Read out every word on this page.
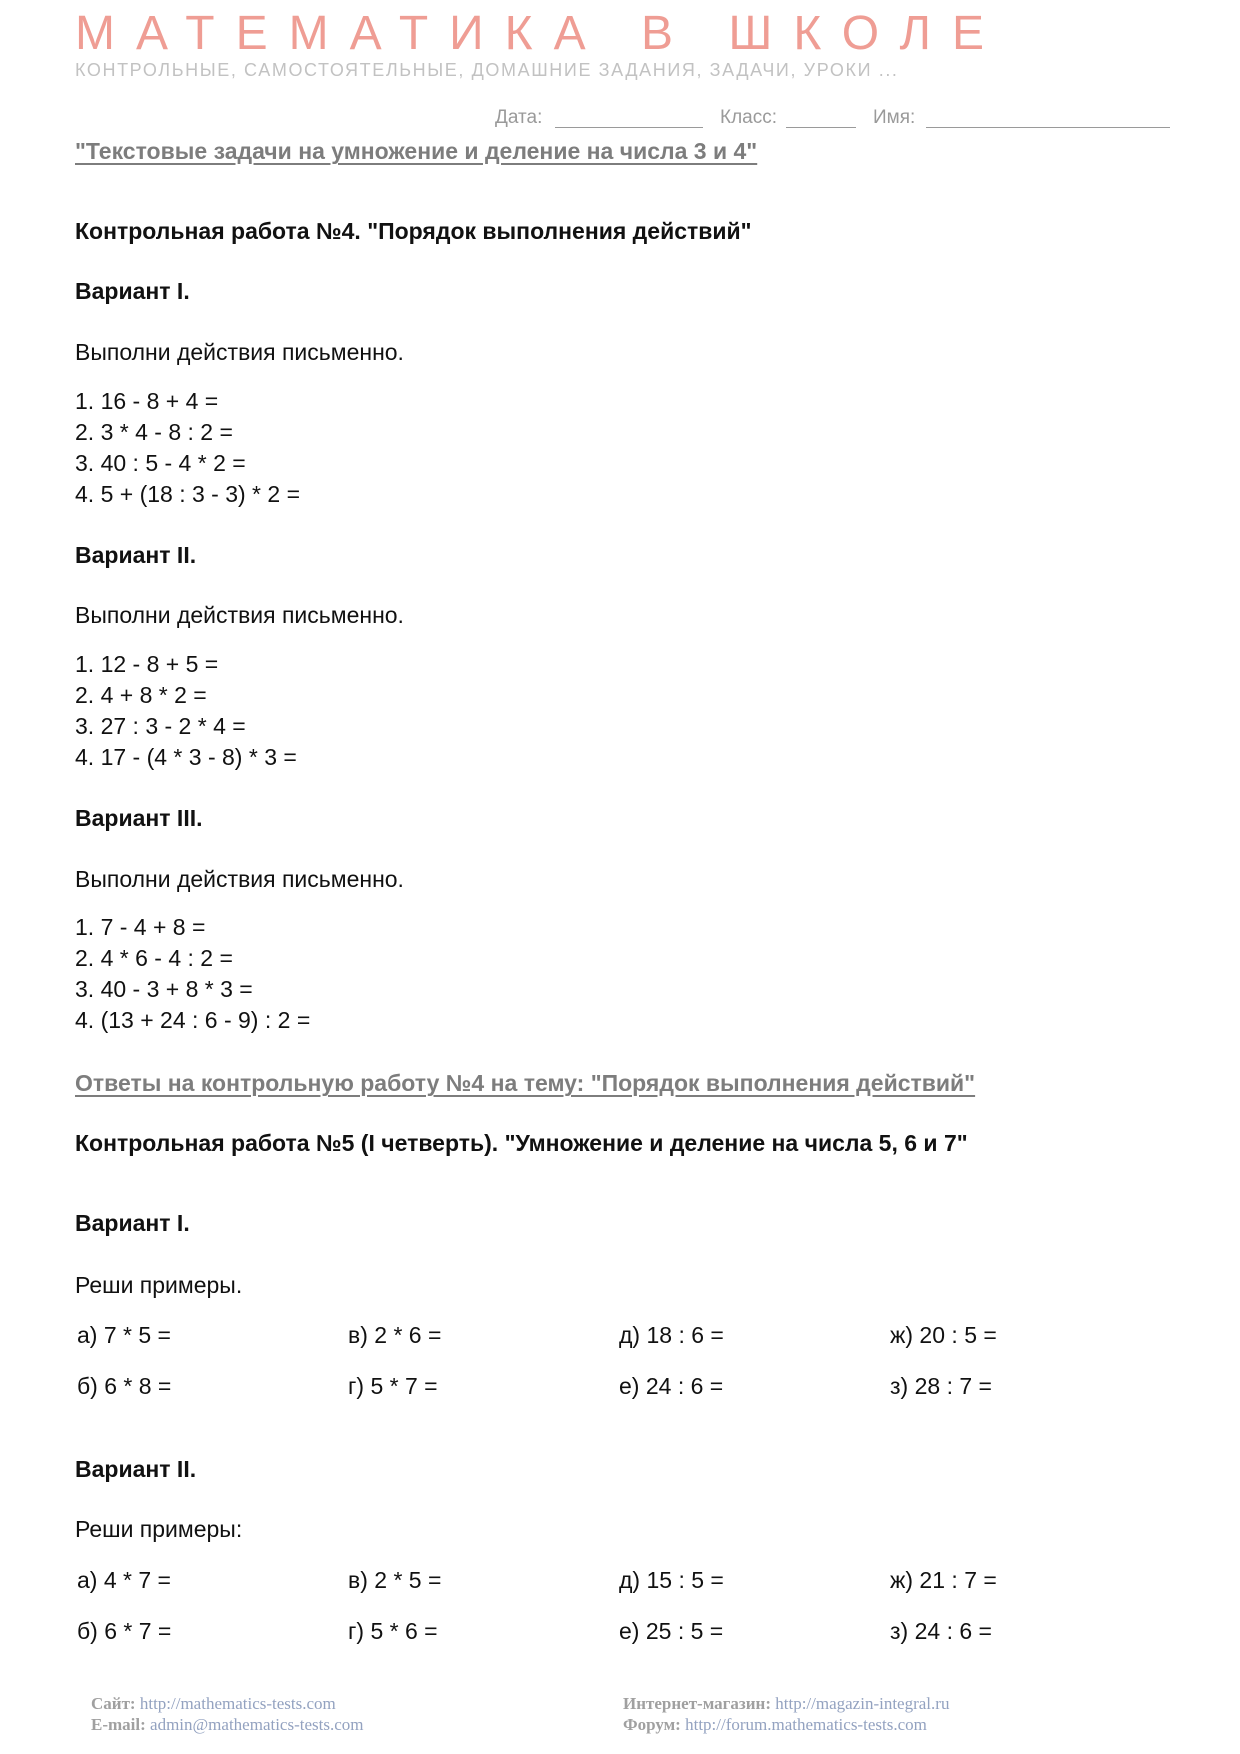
МАТЕМАТИКА В ШКОЛЕ
КОНТРОЛЬНЫЕ, САМОСТОЯТЕЛЬНЫЕ, ДОМАШНИЕ ЗАДАНИЯ, ЗАДАЧИ, УРОКИ ...
Дата:	Класс:	Имя:
"Текстовые задачи на умножение и деление на числа 3 и 4"
Контрольная работа №4. "Порядок выполнения действий"
Вариант I.
Выполни действия письменно.
1. 16 - 8 + 4 =
2. 3 * 4 - 8 : 2 =
3. 40 : 5 - 4 * 2 =
4. 5 + (18 : 3 - 3) * 2 =
Вариант II.
Выполни действия письменно.
1. 12 - 8 + 5 =
2. 4 + 8 * 2 =
3. 27 : 3 - 2 * 4 =
4. 17 - (4 * 3 - 8) * 3 =
Вариант III.
Выполни действия письменно.
1. 7 - 4 + 8 =
2. 4 * 6 - 4 : 2 =
3. 40 - 3 + 8 * 3 =
4. (13 + 24 : 6 - 9) : 2 =
Ответы на контрольную работу №4 на тему: "Порядок выполнения действий"
Контрольная работа №5 (I четверть). "Умножение и деление на числа 5, 6 и 7"
Вариант I.
Реши примеры.
а) 7 * 5 =	в) 2 * 6 =	д) 18 : 6 =	ж) 20 : 5 =
б) 6 * 8 =	г) 5 * 7 =	е) 24 : 6 =	з) 28 : 7 =
Вариант II.
Реши примеры:
а) 4 * 7 =	в) 2 * 5 =	д) 15 : 5 =	ж) 21 : 7 =
б) 6 * 7 =	г) 5 * 6 =	е) 25 : 5 =	з) 24 : 6 =
Сайт: http://mathematics-tests.com
E-mail: admin@mathematics-tests.com
Интернет-магазин: http://magazin-integral.ru
Форум: http://forum.mathematics-tests.com
